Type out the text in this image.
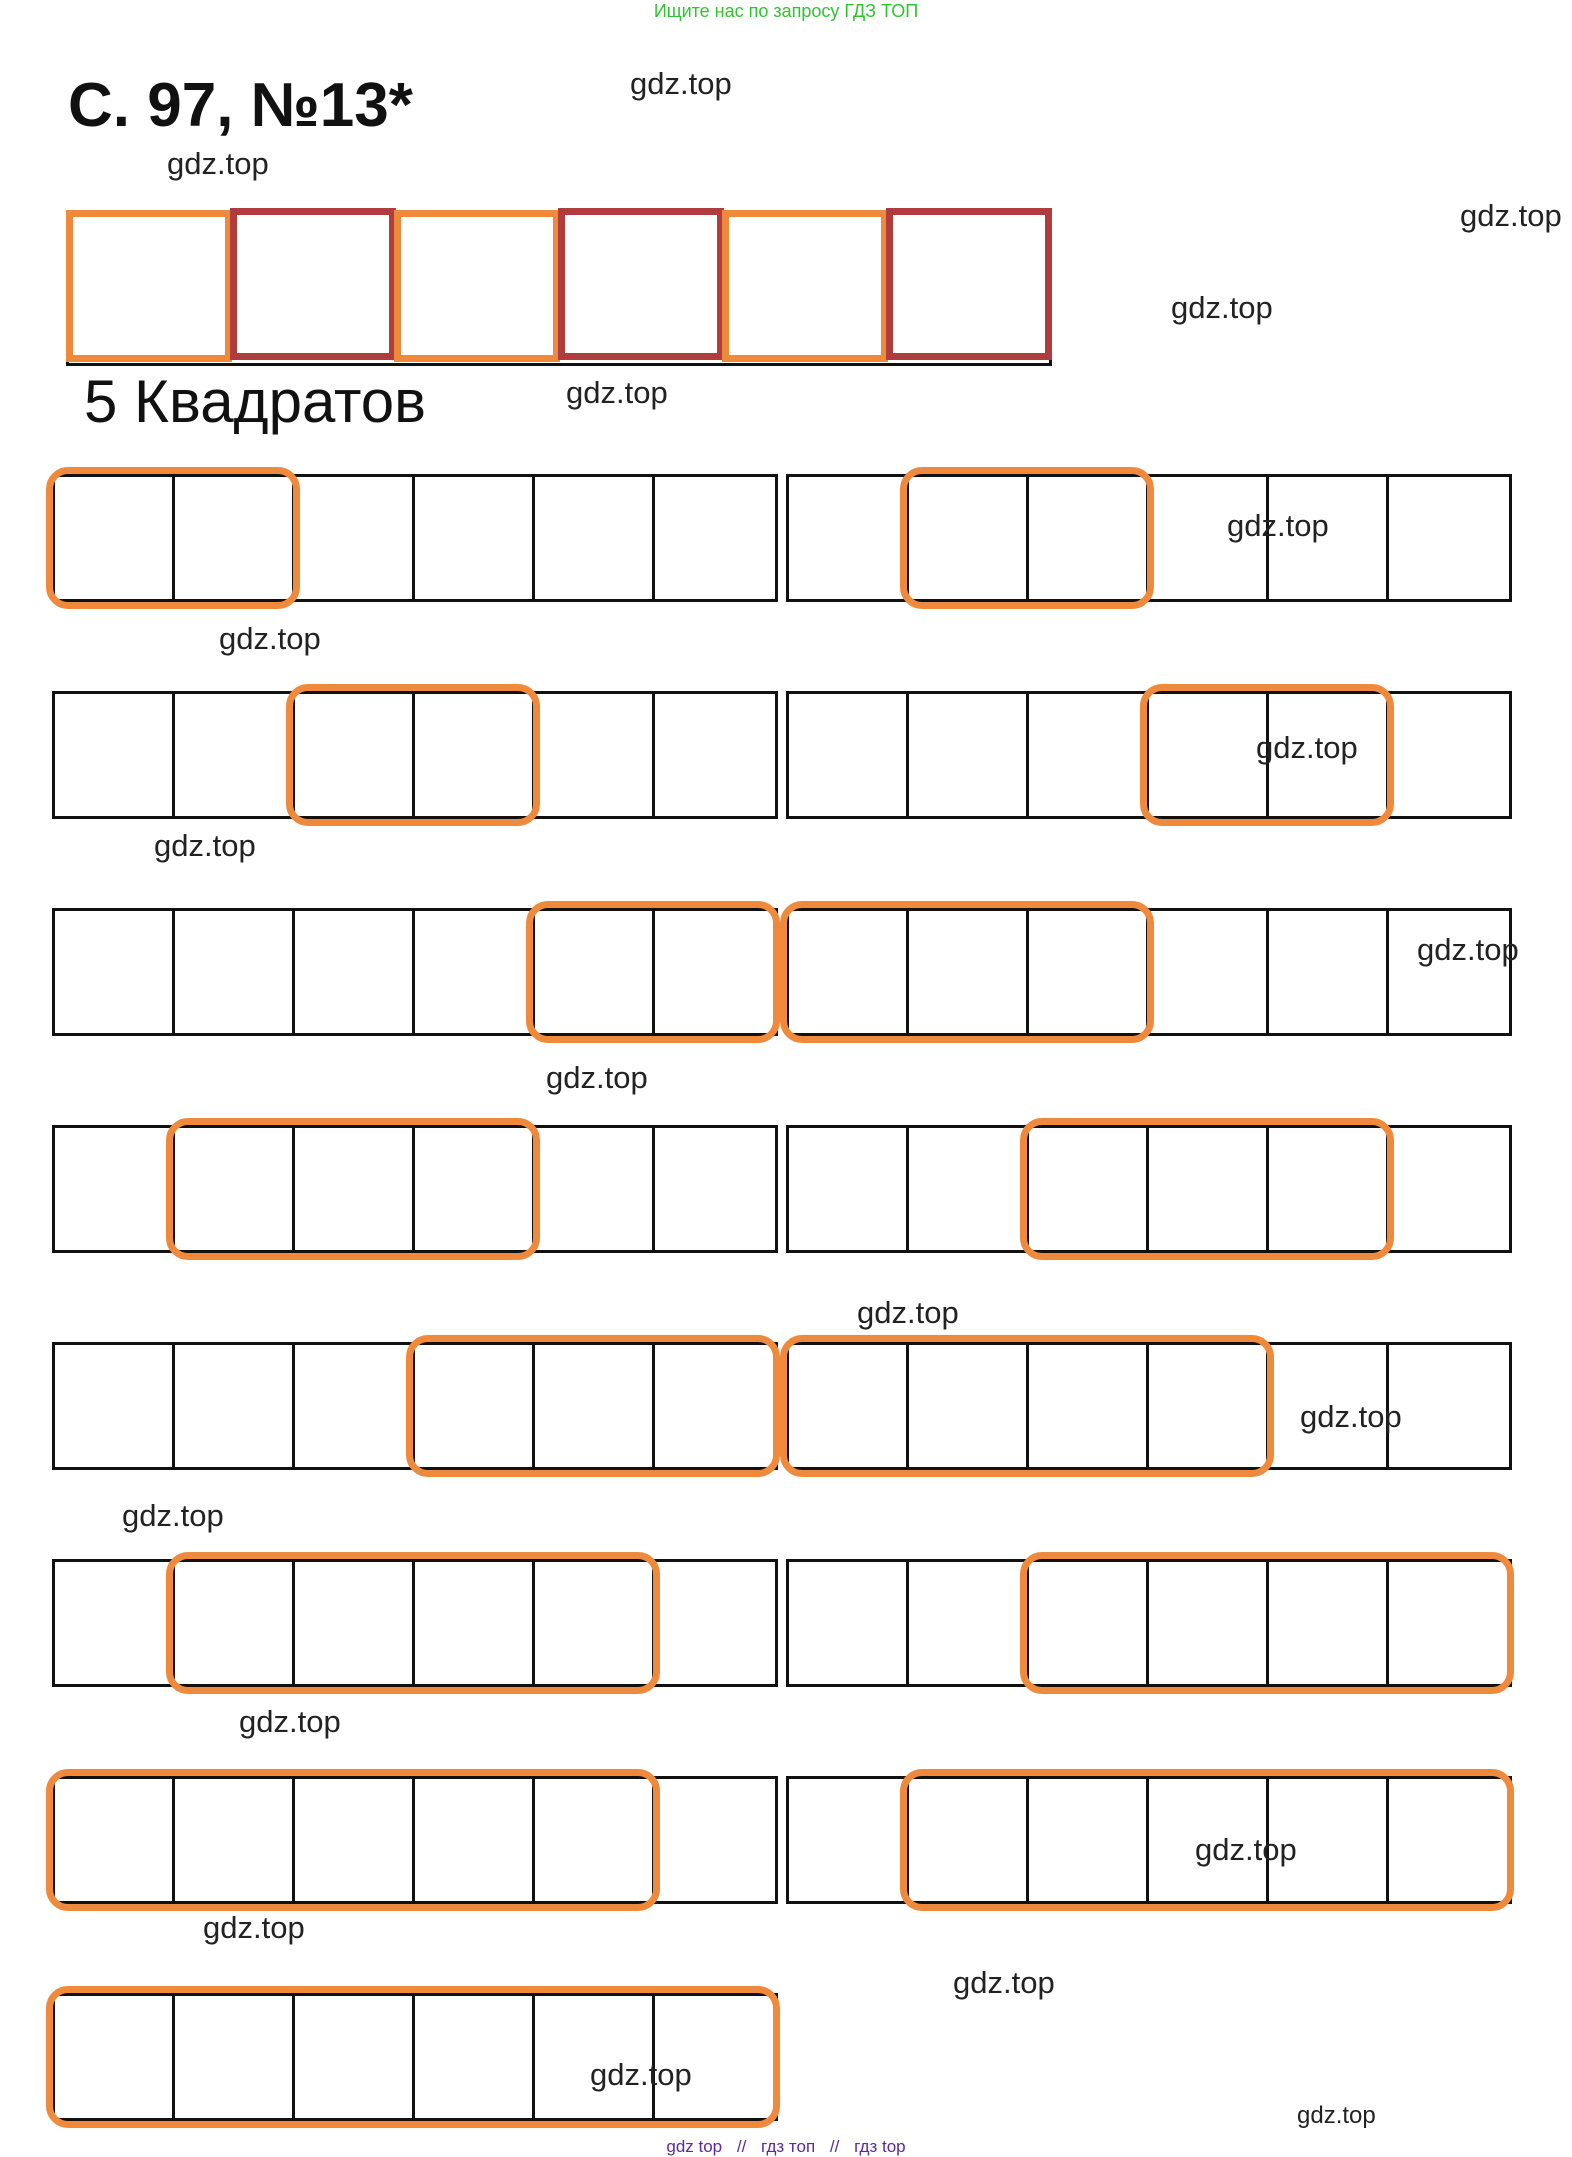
Ищите нас по запросу ГДЗ ТОП
С. 97, №13*
5 Квадратов
gdz.top
gdz.top
gdz.top
gdz.top
gdz.top
gdz.top
gdz.top
gdz.top
gdz.top
gdz.top
gdz.top
gdz.top
gdz.top
gdz.top
gdz.top
gdz.top
gdz.top
gdz.top
gdz.top
gdz.top
gdz top // гдз топ // гдз top
